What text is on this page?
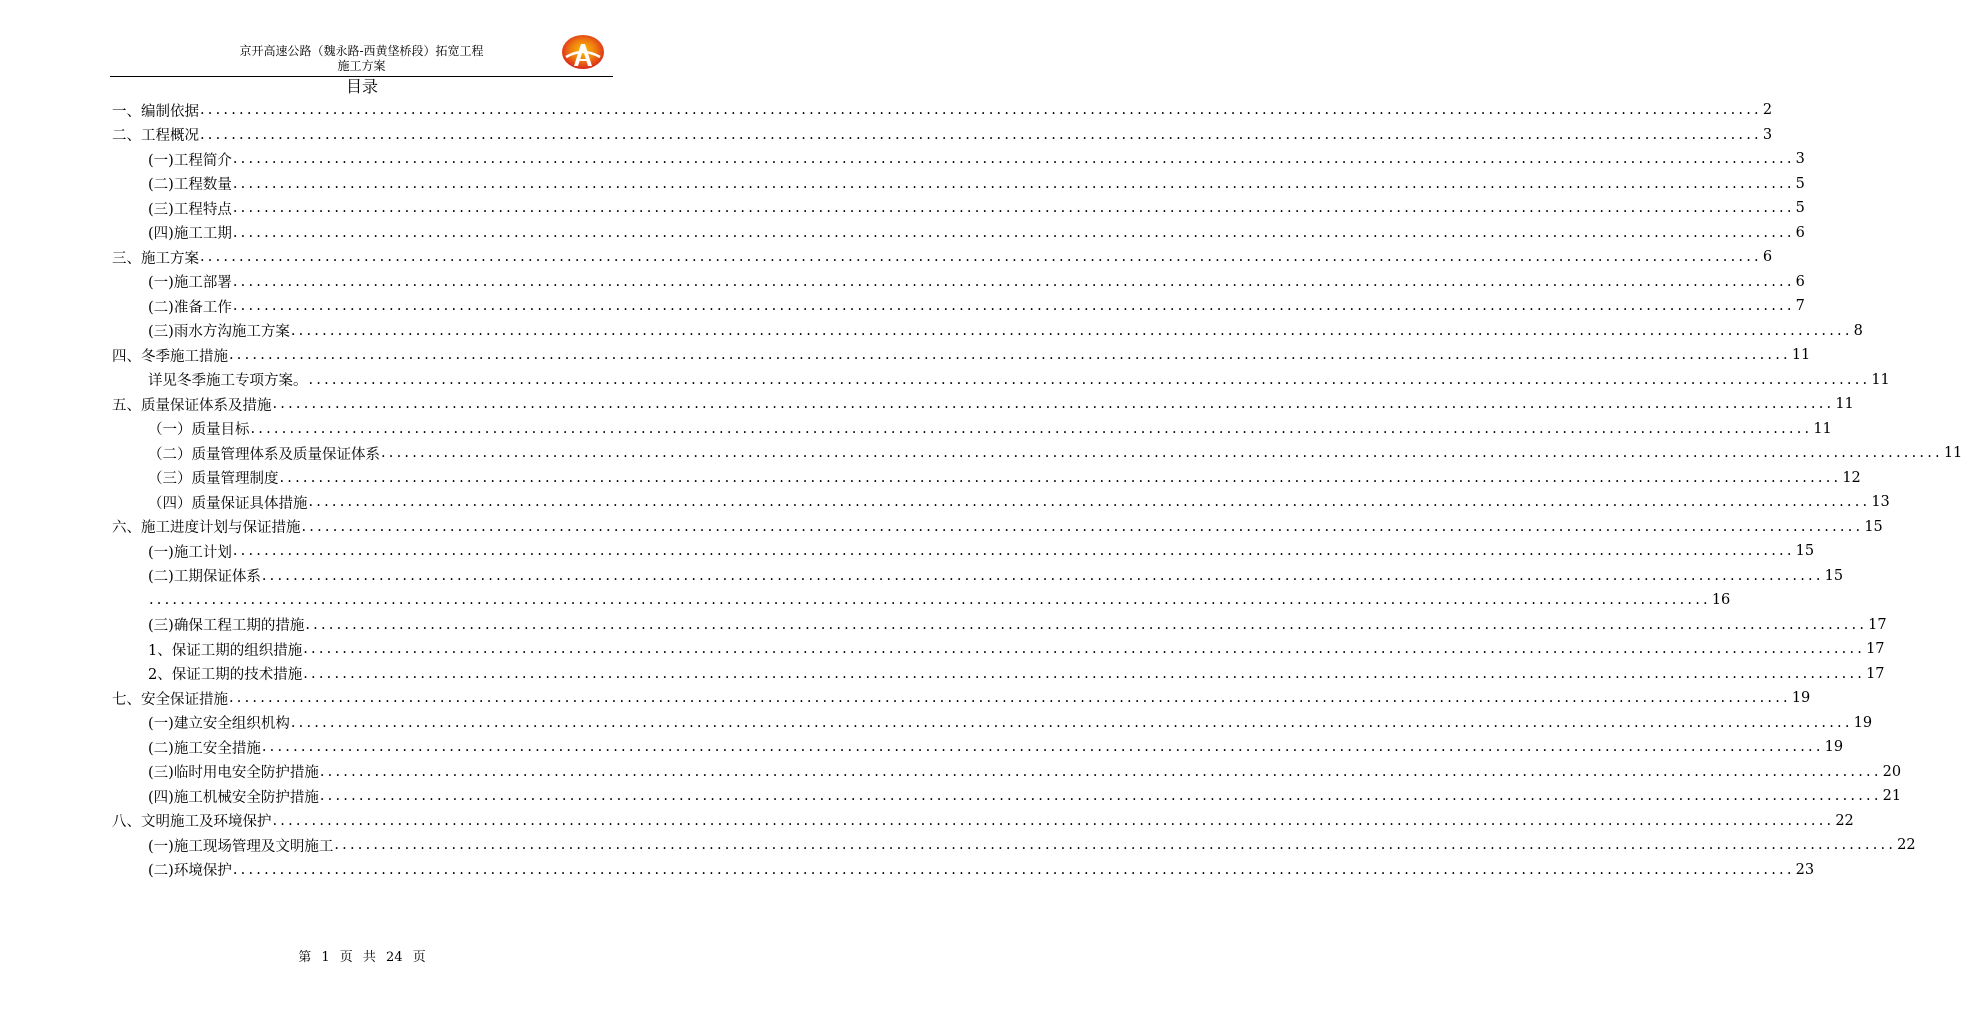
京开高速公路（魏永路-西黄垡桥段）拓宽工程
施工方案
目录
一、编制依据 ........................................................................................................................................................................................................ 2
二、工程概况 ........................................................................................................................................................................................................ 3
(一)工程简介 ........................................................................................................................................................................................................ 3
(二)工程数量 ........................................................................................................................................................................................................ 5
(三)工程特点 ........................................................................................................................................................................................................ 5
(四)施工工期 ........................................................................................................................................................................................................ 6
三、施工方案 ........................................................................................................................................................................................................ 6
(一)施工部署 ........................................................................................................................................................................................................ 6
(二)准备工作 ........................................................................................................................................................................................................ 7
(三)雨水方沟施工方案 ........................................................................................................................................................................................................ 8
四、冬季施工措施 ........................................................................................................................................................................................................ 11
详见冬季施工专项方案。 ........................................................................................................................................................................................................ 11
五、质量保证体系及措施 ........................................................................................................................................................................................................ 11
（一）质量目标 ........................................................................................................................................................................................................ 11
（二）质量管理体系及质量保证体系 ........................................................................................................................................................................................................ 11
（三）质量管理制度 ........................................................................................................................................................................................................ 12
（四）质量保证具体措施 ........................................................................................................................................................................................................ 13
六、施工进度计划与保证措施 ........................................................................................................................................................................................................ 15
(一)施工计划 ........................................................................................................................................................................................................ 15
(二)工期保证体系 ........................................................................................................................................................................................................ 15
........................................................................................................................................................................................................ 16
(三)确保工程工期的措施 ........................................................................................................................................................................................................ 17
1、保证工期的组织措施 ........................................................................................................................................................................................................ 17
2、保证工期的技术措施 ........................................................................................................................................................................................................ 17
七、安全保证措施 ........................................................................................................................................................................................................ 19
(一)建立安全组织机构 ........................................................................................................................................................................................................ 19
(二)施工安全措施 ........................................................................................................................................................................................................ 19
(三)临时用电安全防护措施 ........................................................................................................................................................................................................ 20
(四)施工机械安全防护措施 ........................................................................................................................................................................................................ 21
八、文明施工及环境保护 ........................................................................................................................................................................................................ 22
(一)施工现场管理及文明施工 ........................................................................................................................................................................................................ 22
(二)环境保护 ........................................................................................................................................................................................................ 23
第 1 页 共 24 页
